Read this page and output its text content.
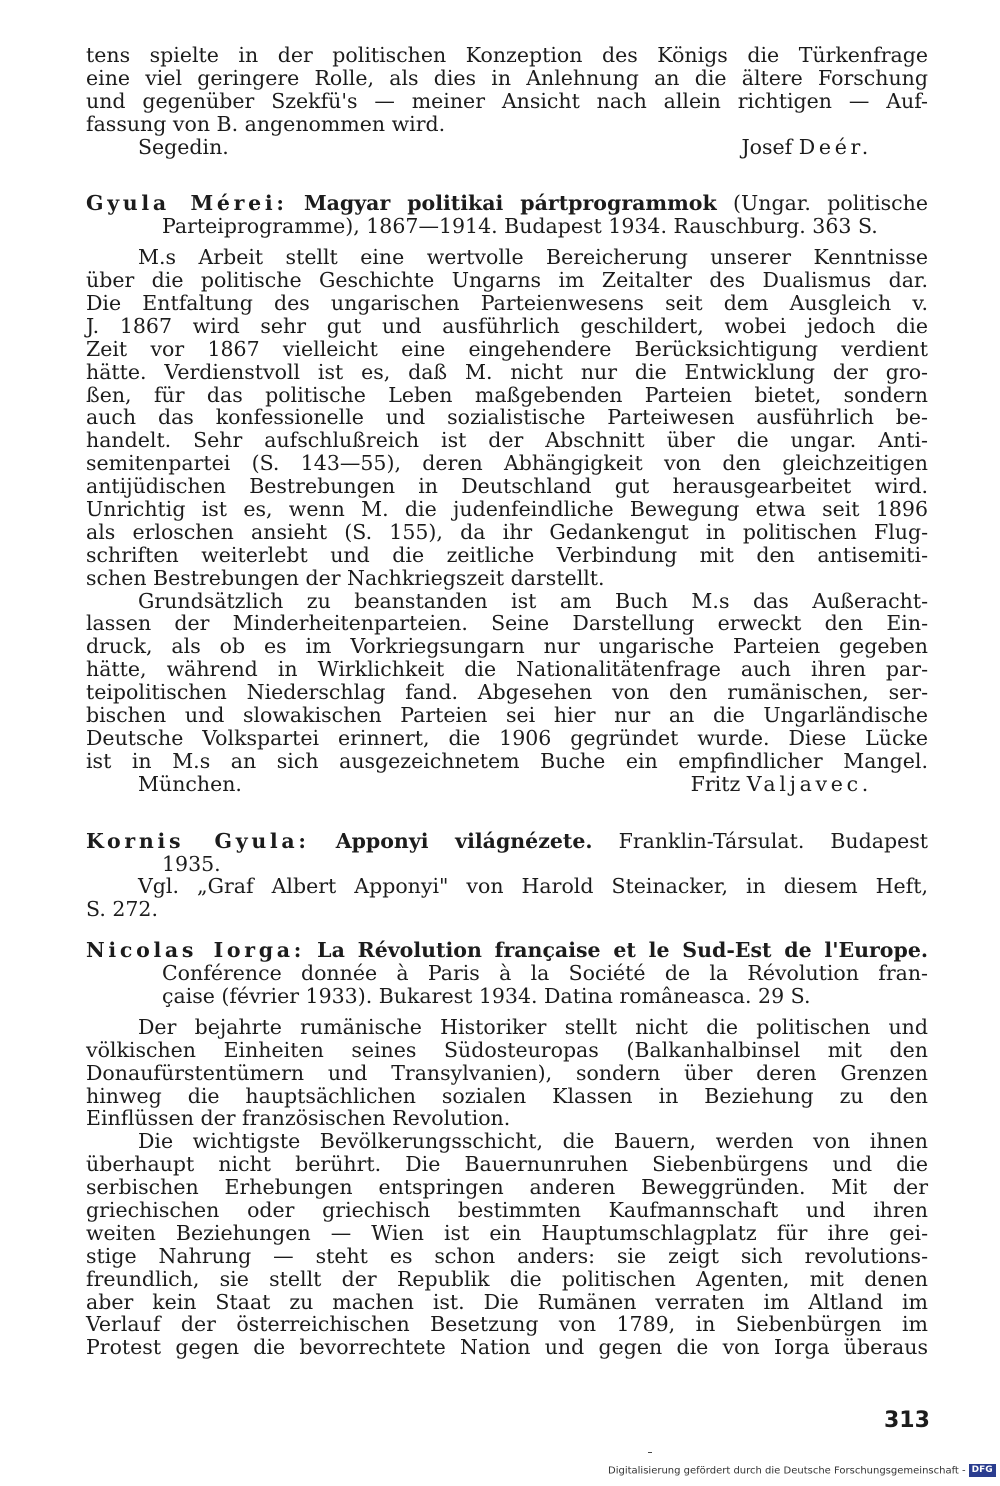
tens spielte in der politischen Konzeption des Königs die Türkenfrage
eine viel geringere Rolle, als dies in Anlehnung an die ältere Forschung
und gegenüber Szekfü's — meiner Ansicht nach allein richtigen — Auf-
fassung von B. angenommen wird.
Segedin.	Josef Deér.
Gyula Mérei: Magyar politikai pártprogrammok (Ungar. politische
Parteiprogramme), 1867—1914. Budapest 1934. Rauschburg. 363 S.
M.s Arbeit stellt eine wertvolle Bereicherung unserer Kenntnisse
über die politische Geschichte Ungarns im Zeitalter des Dualismus dar.
Die Entfaltung des ungarischen Parteienwesens seit dem Ausgleich v.
J. 1867 wird sehr gut und ausführlich geschildert, wobei jedoch die
Zeit vor 1867 vielleicht eine eingehendere Berücksichtigung verdient
hätte. Verdienstvoll ist es, daß M. nicht nur die Entwicklung der gro-
ßen, für das politische Leben maßgebenden Parteien bietet, sondern
auch das konfessionelle und sozialistische Parteiwesen ausführlich be-
handelt. Sehr aufschlußreich ist der Abschnitt über die ungar. Anti-
semitenpartei (S. 143—55), deren Abhängigkeit von den gleichzeitigen
antijüdischen Bestrebungen in Deutschland gut herausgearbeitet wird.
Unrichtig ist es, wenn M. die judenfeindliche Bewegung etwa seit 1896
als erloschen ansieht (S. 155), da ihr Gedankengut in politischen Flug-
schriften weiterlebt und die zeitliche Verbindung mit den antisemiti-
schen Bestrebungen der Nachkriegszeit darstellt.
Grundsätzlich zu beanstanden ist am Buch M.s das Außeracht-
lassen der Minderheitenparteien. Seine Darstellung erweckt den Ein-
druck, als ob es im Vorkriegsungarn nur ungarische Parteien gegeben
hätte, während in Wirklichkeit die Nationalitätenfrage auch ihren par-
teipolitischen Niederschlag fand. Abgesehen von den rumänischen, ser-
bischen und slowakischen Parteien sei hier nur an die Ungarländische
Deutsche Volkspartei erinnert, die 1906 gegründet wurde. Diese Lücke
ist in M.s an sich ausgezeichnetem Buche ein empfindlicher Mangel.
München.	Fritz Valjavec.
Kornis Gyula: Apponyi világnézete. Franklin-Társulat. Budapest
1935.
Vgl. „Graf Albert Apponyi" von Harold Steinacker, in diesem Heft,
S. 272.
Nicolas Iorga: La Révolution française et le Sud-Est de l'Europe.
Conférence donnée à Paris à la Société de la Révolution fran-
çaise (février 1933). Bukarest 1934. Datina româneasca. 29 S.
Der bejahrte rumänische Historiker stellt nicht die politischen und
völkischen Einheiten seines Südosteuropas (Balkanhalbinsel mit den
Donaufürstentümern und Transylvanien), sondern über deren Grenzen
hinweg die hauptsächlichen sozialen Klassen in Beziehung zu den
Einflüssen der französischen Revolution.
Die wichtigste Bevölkerungsschicht, die Bauern, werden von ihnen
überhaupt nicht berührt. Die Bauernunruhen Siebenbürgens und die
serbischen Erhebungen entspringen anderen Beweggründen. Mit der
griechischen oder griechisch bestimmten Kaufmannschaft und ihren
weiten Beziehungen — Wien ist ein Hauptumschlagplatz für ihre gei-
stige Nahrung — steht es schon anders: sie zeigt sich revolutions-
freundlich, sie stellt der Republik die politischen Agenten, mit denen
aber kein Staat zu machen ist. Die Rumänen verraten im Altland im
Verlauf der österreichischen Besetzung von 1789, in Siebenbürgen im
Protest gegen die bevorrechtete Nation und gegen die von Iorga überaus
313
Digitalisierung gefördert durch die Deutsche Forschungsgemeinschaft - DFG
